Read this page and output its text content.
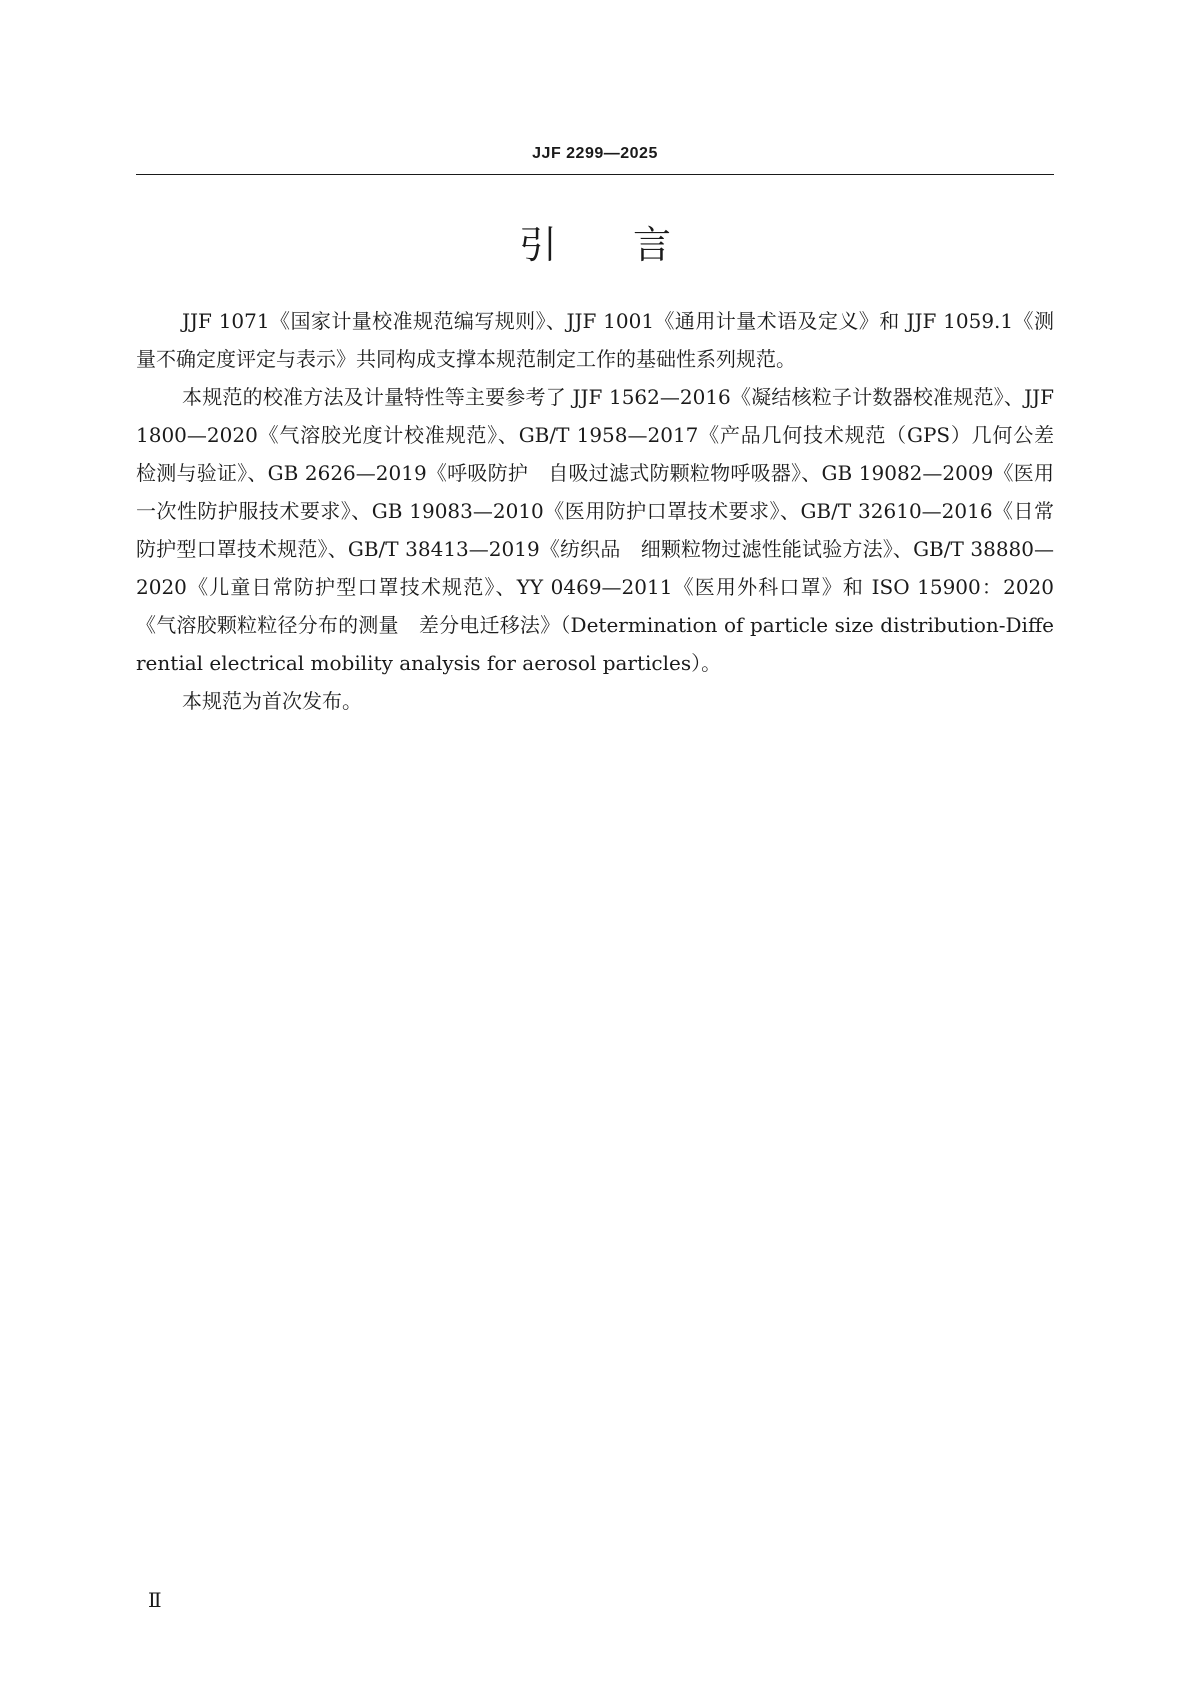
JJF 2299—2025
引 言

JJF 1071《国家计量校准规范编写规则》、JJF 1001《通用计量术语及定义》和 JJF 1059.1《测量不确定度评定与表示》共同构成支撑本规范制定工作的基础性系列规范。

本规范的校准方法及计量特性等主要参考了 JJF 1562—2016《凝结核粒子计数器校准规范》、JJF 1800—2020《气溶胶光度计校准规范》、GB/T 1958—2017《产品几何技术规范（GPS）几何公差　检测与验证》、GB 2626—2019《呼吸防护　自吸过滤式防颗粒物呼吸器》、GB 19082—2009《医用一次性防护服技术要求》、GB 19083—2010《医用防护口罩技术要求》、GB/T 32610—2016《日常防护型口罩技术规范》、GB/T 38413—2019《纺织品　细颗粒物过滤性能试验方法》、GB/T 38880—2020《儿童日常防护型口罩技术规范》、YY 0469—2011《医用外科口罩》和 ISO 15900：2020《气溶胶颗粒粒径分布的测量　差分电迁移法》（Determination of particle size distribution-Differential electrical mobility analysis for aerosol particles）。

本规范为首次发布。

Ⅱ
